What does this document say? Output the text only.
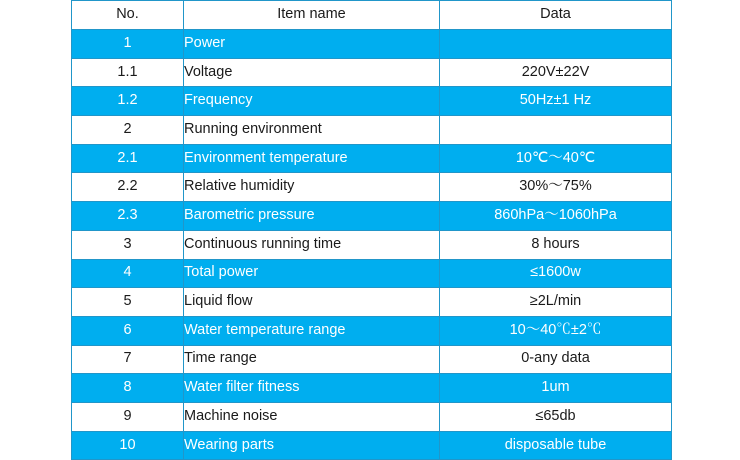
No.	Item name	Data
1	Power	
1.1	Voltage	220V±22V
1.2	Frequency	50Hz±1 Hz
2	Running environment	
2.1	Environment temperature	10℃～40℃
2.2	Relative humidity	30%～75%
2.3	Barometric pressure	860hPa～1060hPa
3	Continuous running time	8 hours
4	Total power	≤1600w
5	Liquid flow	≥2L/min
6	Water temperature range	10～40℃±2℃
7	Time range	0-any data
8	Water filter fitness	1um
9	Machine noise	≤65db
10	Wearing parts	disposable tube
